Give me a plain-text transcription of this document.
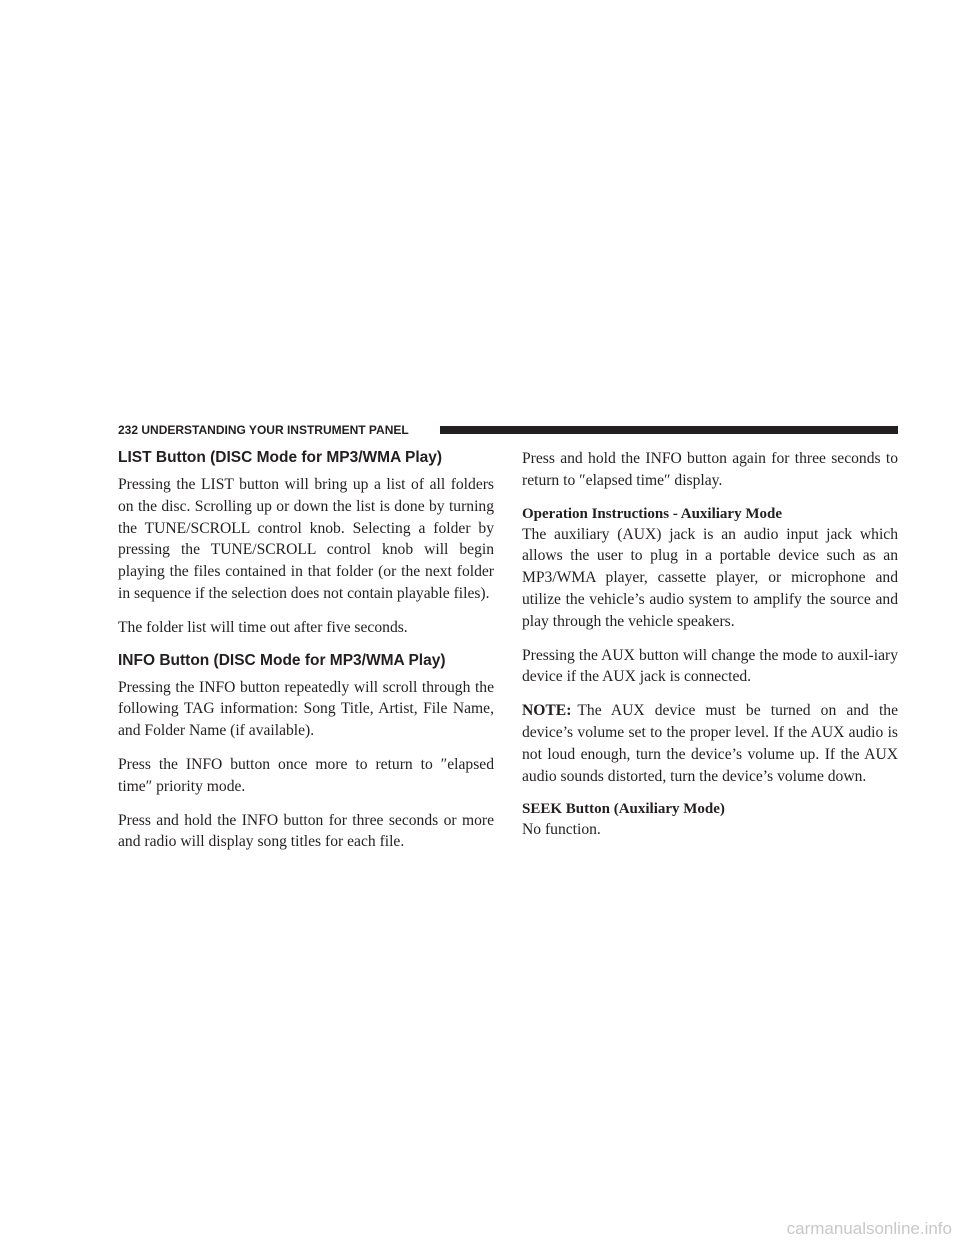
232 UNDERSTANDING YOUR INSTRUMENT PANEL
LIST Button (DISC Mode for MP3/WMA Play)

Pressing the LIST button will bring up a list of all folders on the disc. Scrolling up or down the list is done by turning the TUNE/SCROLL control knob. Selecting a folder by pressing the TUNE/SCROLL control knob will begin playing the files contained in that folder (or the next folder in sequence if the selection does not contain playable files).

The folder list will time out after five seconds.

INFO Button (DISC Mode for MP3/WMA Play)

Pressing the INFO button repeatedly will scroll through the following TAG information: Song Title, Artist, File Name, and Folder Name (if available).

Press the INFO button once more to return to ″elapsed time″ priority mode.

Press and hold the INFO button for three seconds or more and radio will display song titles for each file.

Press and hold the INFO button again for three seconds to return to ″elapsed time″ display.

Operation Instructions - Auxiliary Mode

The auxiliary (AUX) jack is an audio input jack which allows the user to plug in a portable device such as an MP3/WMA player, cassette player, or microphone and utilize the vehicle’s audio system to amplify the source and play through the vehicle speakers.

Pressing the AUX button will change the mode to auxil-iary device if the AUX jack is connected.

NOTE: The AUX device must be turned on and the device’s volume set to the proper level. If the AUX audio is not loud enough, turn the device’s volume up. If the AUX audio sounds distorted, turn the device’s volume down.

SEEK Button (Auxiliary Mode)

No function.

carmanualsonline.info
